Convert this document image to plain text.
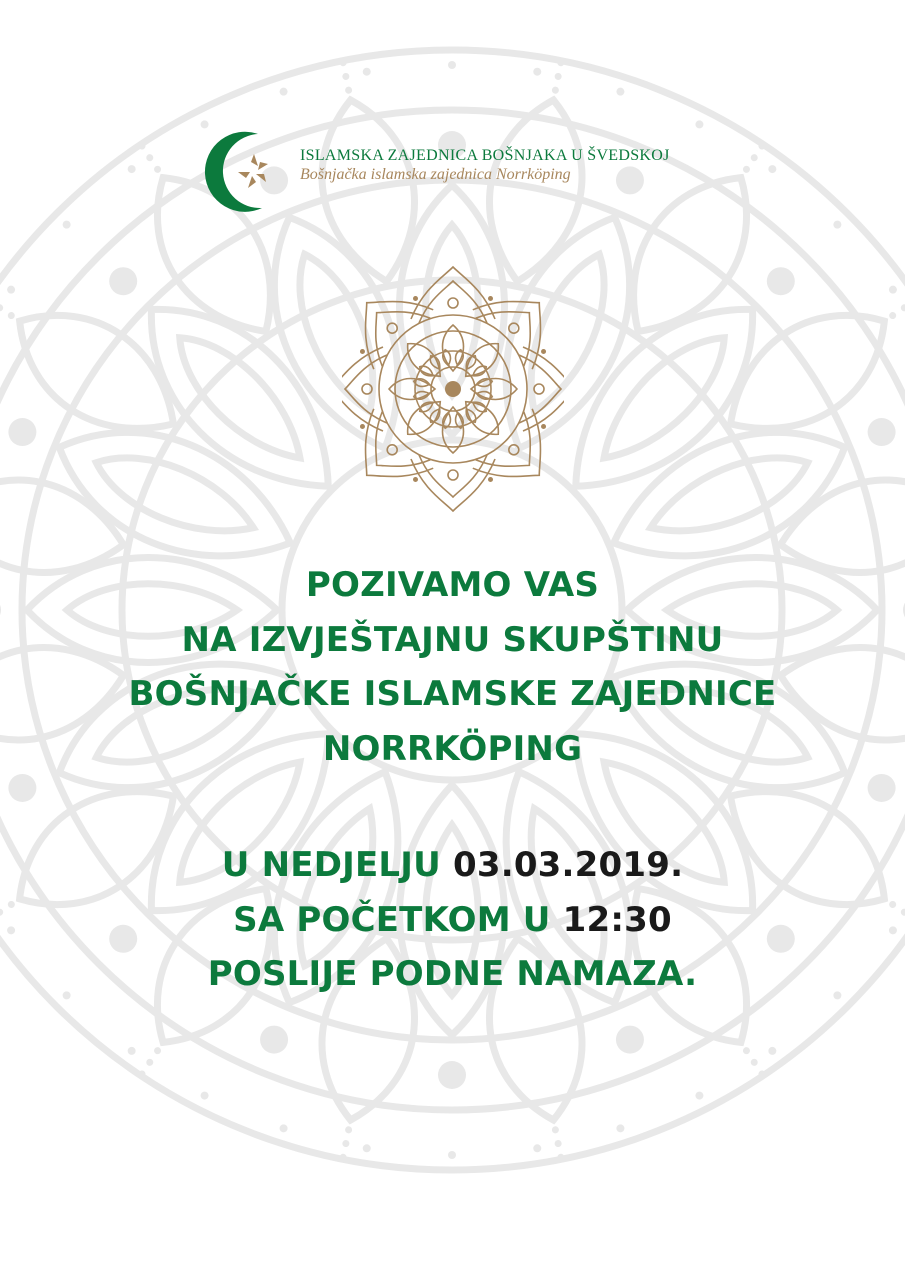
ISLAMSKA ZAJEDNICA BOŠNJAKA U ŠVEDSKOJ
Bošnjačka islamska zajednica Norrköping
POZIVAMO VAS
NA IZVJEŠTAJNU SKUPŠTINU
BOŠNJAČKE ISLAMSKE ZAJEDNICE
NORRKÖPING
U NEDJELJU 03.03.2019.
SA POČETKOM U 12:30
POSLIJE PODNE NAMAZA.
